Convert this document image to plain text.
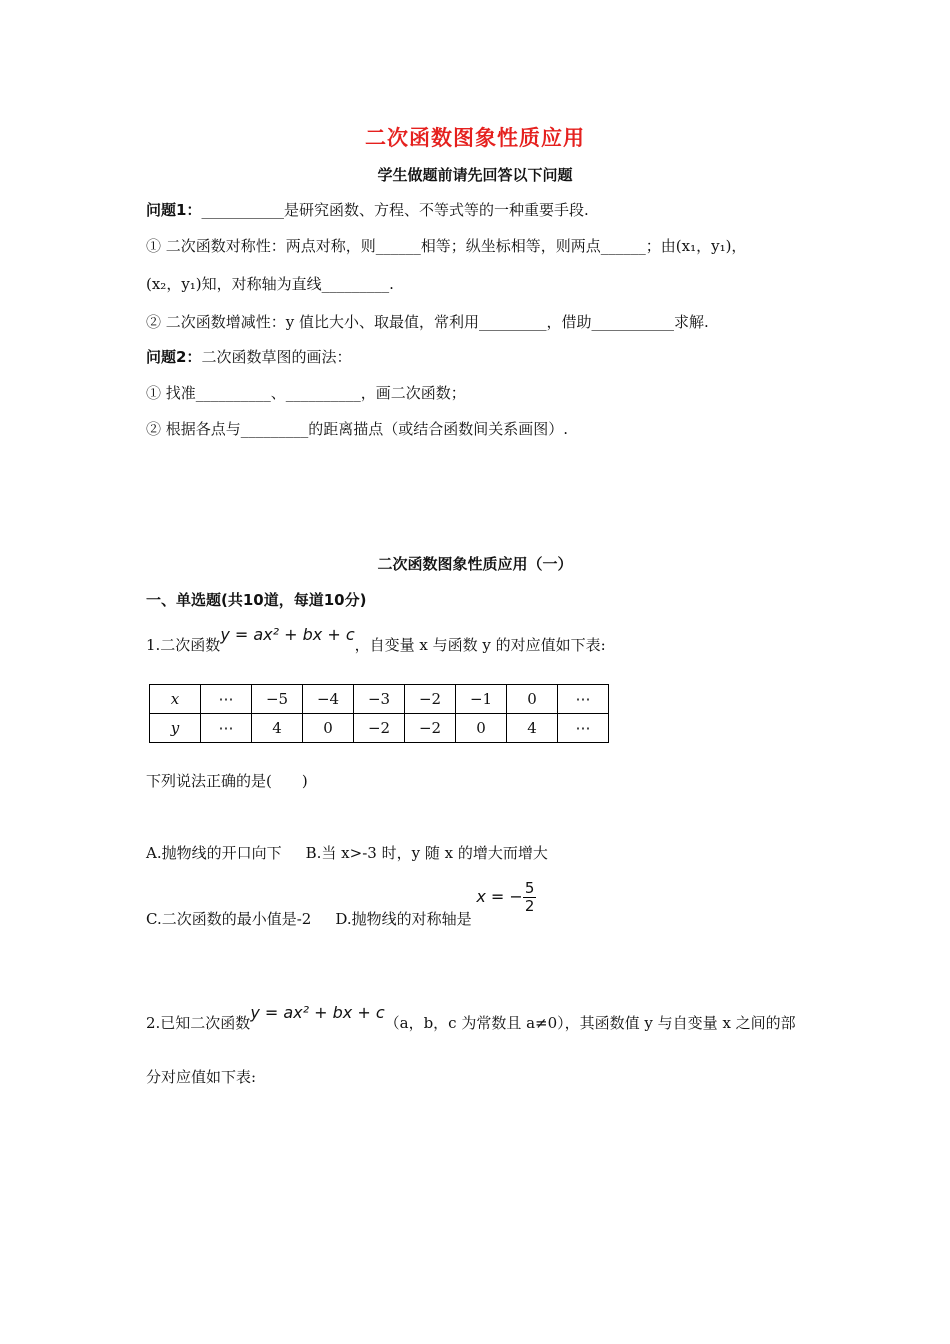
二次函数图象性质应用
学生做题前请先回答以下问题
问题1：___________是研究函数、方程、不等式等的一种重要手段.
① 二次函数对称性：两点对称，则______相等；纵坐标相等，则两点______；由(x₁，y₁)，
(x₂，y₁)知，对称轴为直线_________.
② 二次函数增减性：y 值比大小、取最值，常利用_________，借助___________求解.
问题2：二次函数草图的画法：
① 找准__________、__________，画二次函数；
② 根据各点与_________的距离描点（或结合函数间关系画图）.
二次函数图象性质应用（一）
一、单选题(共10道，每道10分)
1.二次函数y = ax² + bx + c，自变量 x 与函数 y 的对应值如下表:
x	⋯	−5	−4	−3	−2	−1	0	⋯
y	⋯	4	0	−2	−2	0	4	⋯
下列说法正确的是(　　)
A.抛物线的开口向下 B.当 x>-3 时，y 随 x 的增大而增大
C.二次函数的最小值是-2 D.抛物线的对称轴是 x = − $\frac{5}{2}$
2.已知二次函数y = ax² + bx + c（a，b，c 为常数且 a≠0），其函数值 y 与自变量 x 之间的部
分对应值如下表:
